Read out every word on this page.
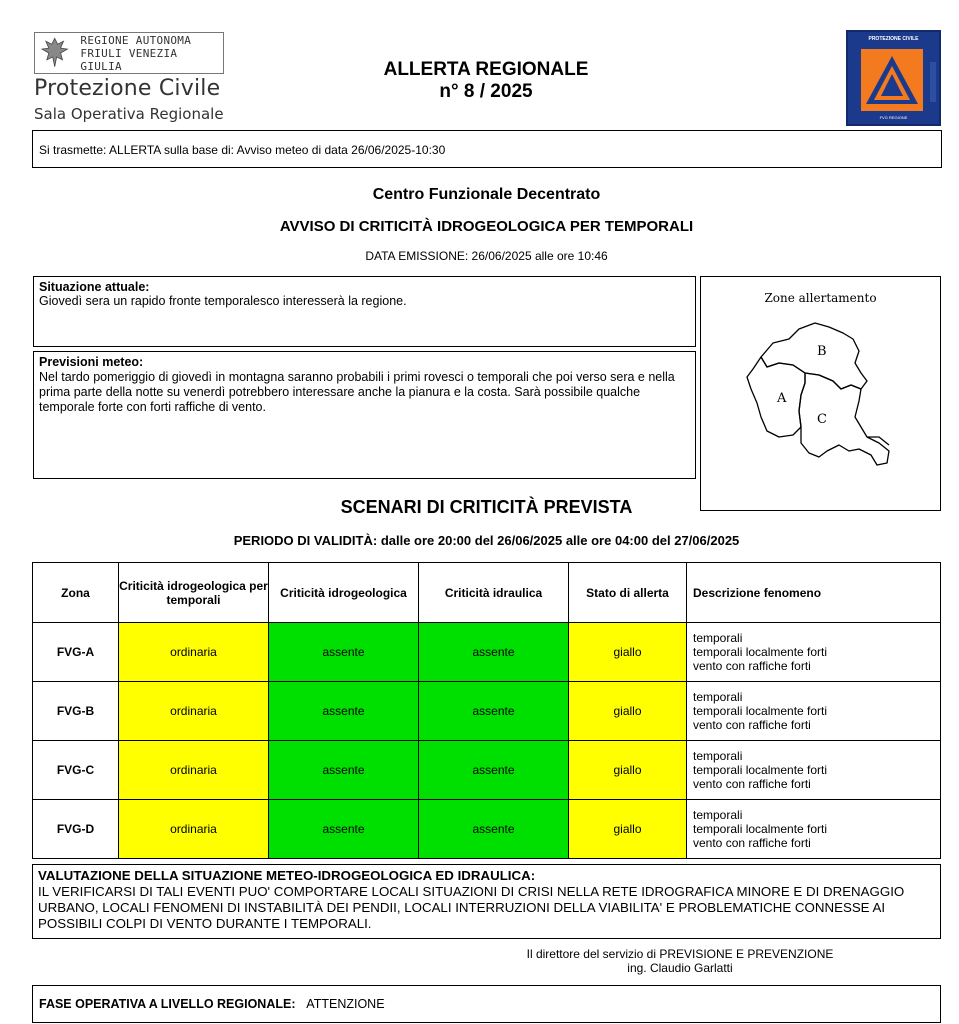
REGIONE AUTONOMA
FRIULI VENEZIA GIULIA
Protezione Civile
Sala Operativa Regionale
ALLERTA REGIONALE
n° 8 / 2025
PROTEZIONE CIVILE
FVG REGIONE
Si trasmette: ALLERTA sulla base di: Avviso meteo di data 26/06/2025-10:30
Centro Funzionale Decentrato
AVVISO DI CRITICITÀ IDROGEOLOGICA PER TEMPORALI
DATA EMISSIONE: 26/06/2025 alle ore 10:46
Situazione attuale:
Giovedì sera un rapido fronte temporalesco interesserà la regione.
Previsioni meteo:
Nel tardo pomeriggio di giovedì in montagna saranno probabili i primi rovesci o temporali che poi verso sera e nella prima parte della notte su venerdì potrebbero interessare anche la pianura e la costa. Sarà possibile qualche temporale forte con forti raffiche di vento.
Zone allertamento
A
B
C
SCENARI DI CRITICITÀ PREVISTA
PERIODO DI VALIDITÀ: dalle ore 20:00 del 26/06/2025 alle ore 04:00 del 27/06/2025
Zona	Criticità idrogeologica per temporali	Criticità idrogeologica	Criticità idraulica	Stato di allerta	Descrizione fenomeno
FVG-A	ordinaria	assente	assente	giallo	temporali
temporali localmente forti
vento con raffiche forti

FVG-B	ordinaria	assente	assente	giallo	temporali
temporali localmente forti
vento con raffiche forti

FVG-C	ordinaria	assente	assente	giallo	temporali
temporali localmente forti
vento con raffiche forti

FVG-D	ordinaria	assente	assente	giallo	temporali
temporali localmente forti
vento con raffiche forti
VALUTAZIONE DELLA SITUAZIONE METEO-IDROGEOLOGICA ED IDRAULICA:
IL VERIFICARSI DI TALI EVENTI PUO' COMPORTARE LOCALI SITUAZIONI DI CRISI NELLA RETE IDROGRAFICA MINORE E DI DRENAGGIO URBANO, LOCALI FENOMENI DI INSTABILITÀ DEI PENDII, LOCALI INTERRUZIONI DELLA VIABILITA' E PROBLEMATICHE CONNESSE AI POSSIBILI COLPI DI VENTO DURANTE I TEMPORALI.
Il direttore del servizio di PREVISIONE E PREVENZIONE
ing. Claudio Garlatti
FASE OPERATIVA A LIVELLO REGIONALE: ATTENZIONE
